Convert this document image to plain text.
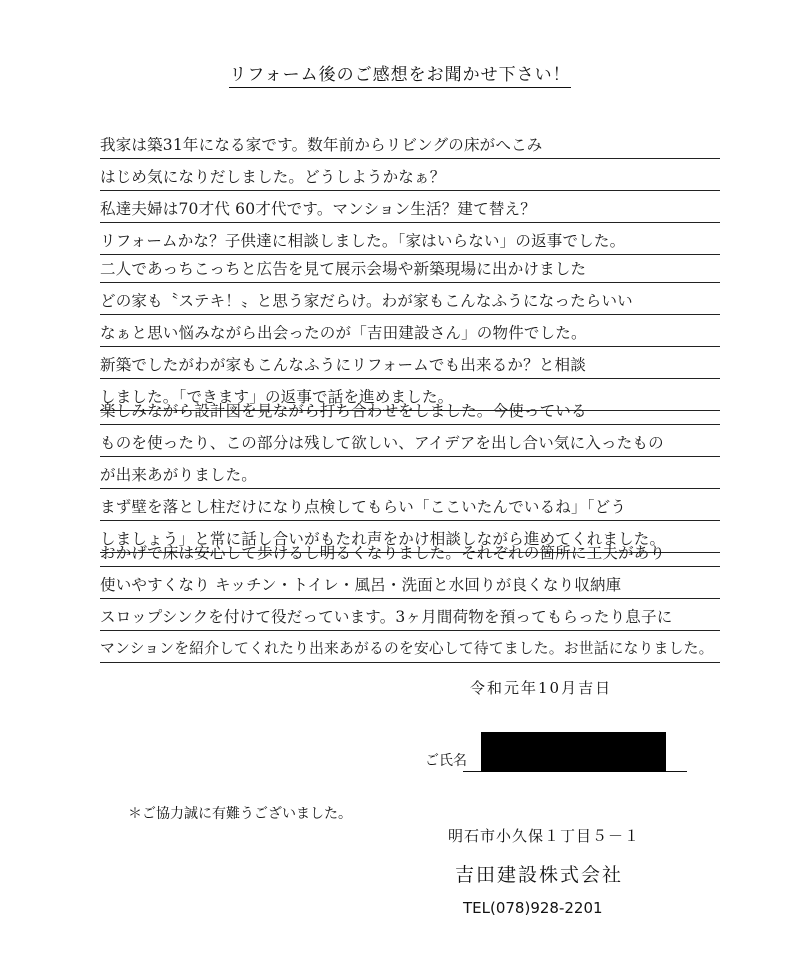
リフォーム後のご感想をお聞かせ下さい！
我家は築31年になる家です。数年前からリビングの床がへこみ
はじめ気になりだしました。どうしようかなぁ？
私達夫婦は70才代 60才代です。マンション生活？建て替え？
リフォームかな？子供達に相談しました。「家はいらない」の返事でした。
二人であっちこっちと広告を見て展示会場や新築現場に出かけました
どの家も〝ステキ！〟と思う家だらけ。わが家もこんなふうになったらいい
なぁと思い悩みながら出会ったのが「吉田建設さん」の物件でした。
新築でしたがわが家もこんなふうにリフォームでも出来るか？と相談
しました。「できます」の返事で話を進めました。
楽しみながら設計図を見ながら打ち合わせをしました。今使っている
ものを使ったり、この部分は残して欲しい、アイデアを出し合い気に入ったもの
が出来あがりました。
まず壁を落とし柱だけになり点検してもらい「ここいたんでいるね」「どう
しましょう」と常に話し合いがもたれ声をかけ相談しながら進めてくれました。
おかげで床は安心して歩けるし明るくなりました。それぞれの箇所に工夫があり
使いやすくなり キッチン・トイレ・風呂・洗面と水回りが良くなり収納庫
スロップシンクを付けて役だっています。3ヶ月間荷物を預ってもらったり息子に
マンションを紹介してくれたり出来あがるのを安心して待てました。お世話になりました。
令和元年10月吉日
ご氏名
＊ご協力誠に有難うございました。
明石市小久保１丁目５－１
吉田建設株式会社
TEL(078)928-2201
